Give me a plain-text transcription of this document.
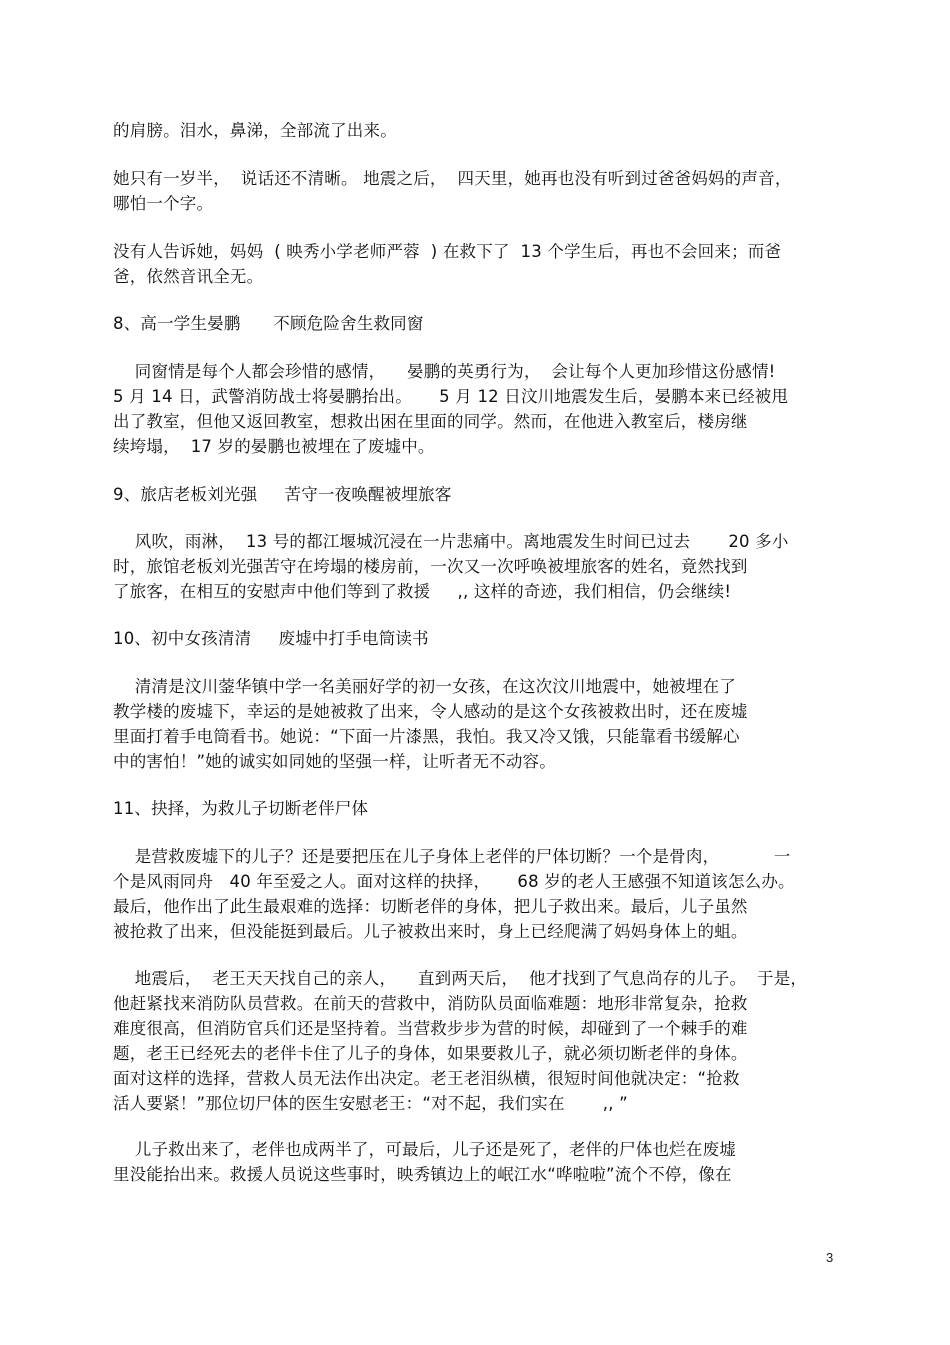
的肩膀。泪水，鼻涕，全部流了出来。
她只有一岁半，  说话还不清晰。 地震之后，  四天里，她再也没有听到过爸爸妈妈的声音，
哪怕一个字。
没有人告诉她，妈妈  ( 映秀小学老师严蓉  ) 在救下了  13 个学生后，再也不会回来；而爸
爸，依然音讯全无。
8、高一学生晏鹏      不顾危险舍生救同窗
同窗情是每个人都会珍惜的感情，    晏鹏的英勇行为，  会让每个人更加珍惜这份感情!
5 月 14 日，武警消防战士将晏鹏抬出。     5 月 12 日汶川地震发生后，晏鹏本来已经被甩
出了教室，但他又返回教室，想救出困在里面的同学。然而，在他进入教室后，楼房继
续垮塌，  17 岁的晏鹏也被埋在了废墟中。
9、旅店老板刘光强     苦守一夜唤醒被埋旅客
风吹，雨淋，  13 号的都江堰城沉浸在一片悲痛中。离地震发生时间已过去       20 多小
时，旅馆老板刘光强苦守在垮塌的楼房前，一次又一次呼唤被埋旅客的姓名，竟然找到
了旅客，在相互的安慰声中他们等到了救援     ,, 这样的奇迹，我们相信，仍会继续!
10、初中女孩清清     废墟中打手电筒读书
清清是汶川蓥华镇中学一名美丽好学的初一女孩，在这次汶川地震中，她被埋在了
教学楼的废墟下，幸运的是她被救了出来，令人感动的是这个女孩被救出时，还在废墟
里面打着手电筒看书。她说：“下面一片漆黑，我怕。我又冷又饿，只能靠看书缓解心
中的害怕！”她的诚实如同她的坚强一样，让听者无不动容。
11、抉择，为救儿子切断老伴尸体
是营救废墟下的儿子？还是要把压在儿子身体上老伴的尸体切断？一个是骨肉，          一
个是风雨同舟   40 年至爱之人。面对这样的抉择，     68 岁的老人王感强不知道该怎么办。
最后，他作出了此生最艰难的选择：切断老伴的身体，把儿子救出来。最后，儿子虽然
被抢救了出来，但没能挺到最后。儿子被救出来时，身上已经爬满了妈妈身体上的蛆。
地震后，  老王天天找自己的亲人，    直到两天后，  他才找到了气息尚存的儿子。  于是，
他赶紧找来消防队员营救。在前天的营救中，消防队员面临难题：地形非常复杂，抢救
难度很高，但消防官兵们还是坚持着。当营救步步为营的时候，却碰到了一个棘手的难
题，老王已经死去的老伴卡住了儿子的身体，如果要救儿子，就必须切断老伴的身体。
面对这样的选择，营救人员无法作出决定。老王老泪纵横，很短时间他就决定：“抢救
活人要紧！”那位切尸体的医生安慰老王：“对不起，我们实在       ,, ”
儿子救出来了，老伴也成两半了，可最后，儿子还是死了，老伴的尸体也烂在废墟
里没能抬出来。救援人员说这些事时，映秀镇边上的岷江水“哗啦啦”流个不停，像在
3
